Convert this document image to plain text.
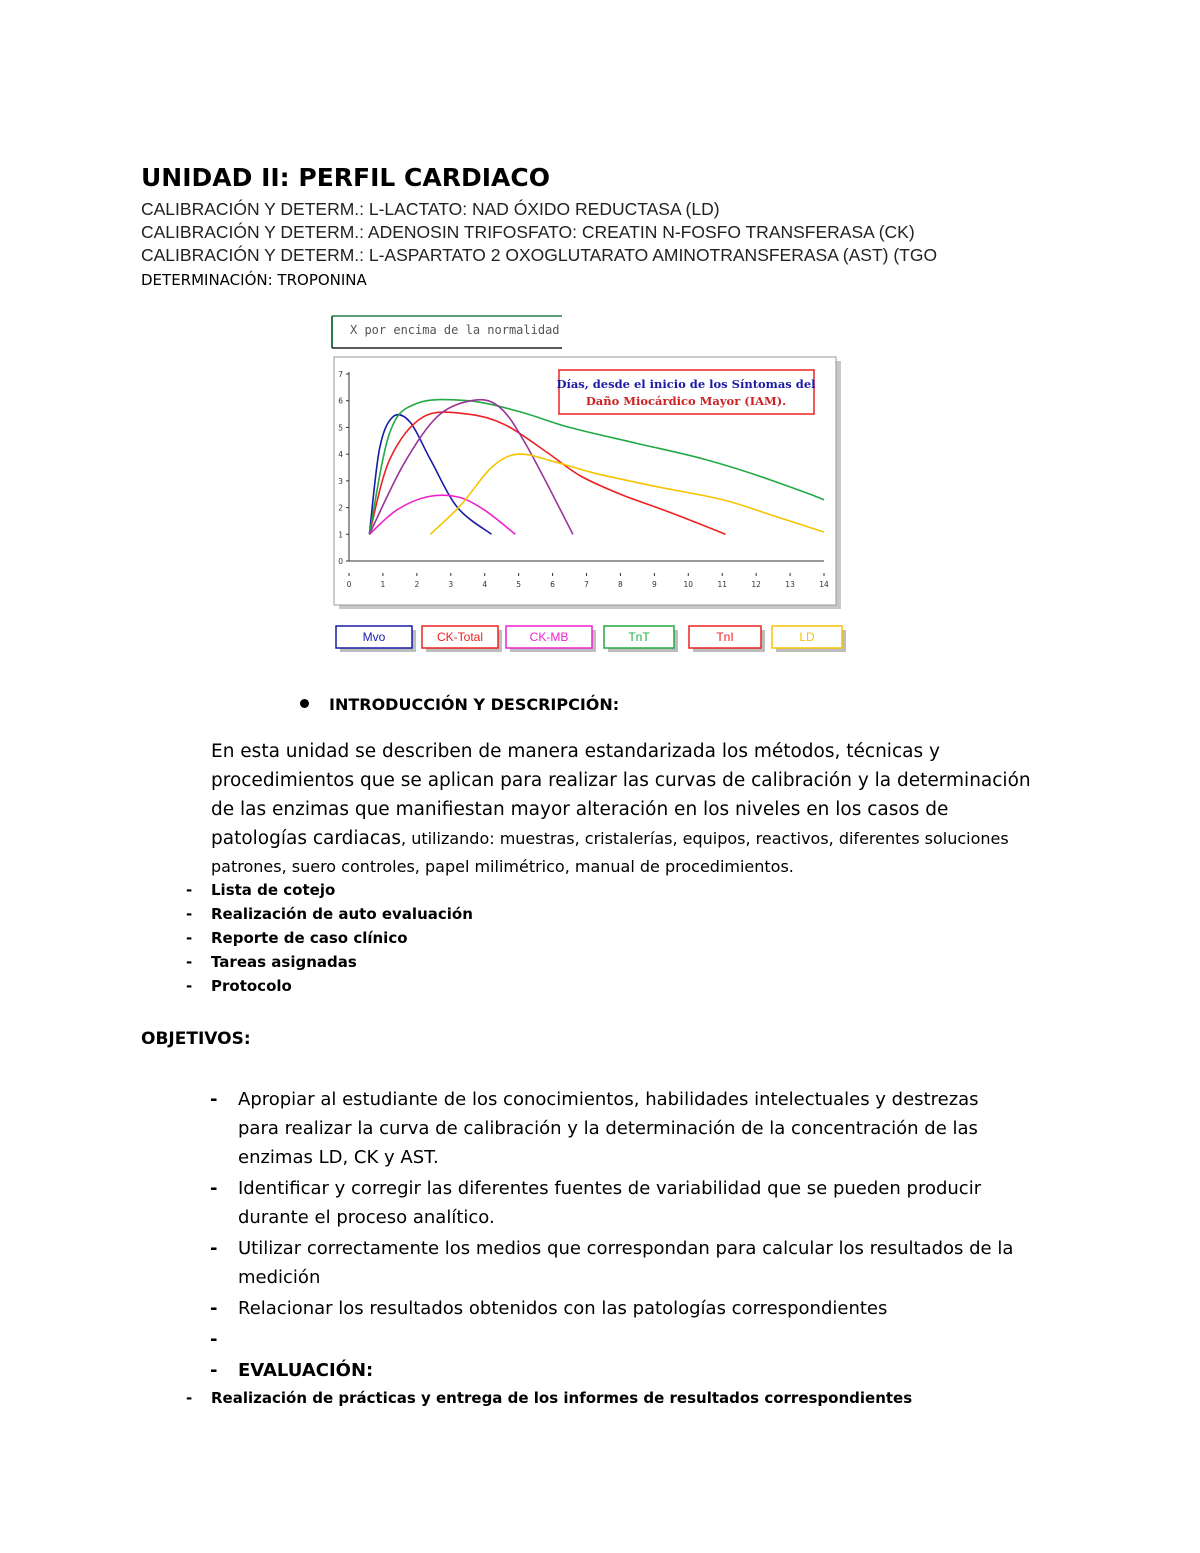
UNIDAD II: PERFIL CARDIACO
CALIBRACIÓN Y DETERM.: L-LACTATO: NAD ÓXIDO REDUCTASA (LD)
CALIBRACIÓN Y DETERM.: ADENOSIN TRIFOSFATO: CREATIN N-FOSFO TRANSFERASA (CK)
CALIBRACIÓN Y DETERM.: L-ASPARTATO 2 OXOGLUTARATO AMINOTRANSFERASA (AST) (TGO
DETERMINACIÓN: TROPONINA
X por encima de la normalidad
0
1
2
3
4
5
6
7
0	1	2	3	4	5	6	7	8	9	10	11	12	13	14
Días, desde el inicio de los Síntomas del
Daño Miocárdico Mayor (IAM).
Mvo	CK-Total	CK-MB	TnT	TnI	LD
INTRODUCCIÓN Y DESCRIPCIÓN:
En esta unidad se describen de manera estandarizada los métodos, técnicas y
procedimientos que se aplican para realizar las curvas de calibración y la determinación
de las enzimas que manifiestan mayor alteración en los niveles en los casos de
patologías cardiacas, utilizando: muestras, cristalerías, equipos, reactivos, diferentes soluciones
patrones, suero controles, papel milimétrico, manual de procedimientos.
- Lista de cotejo
- Realización de auto evaluación
- Reporte de caso clínico
- Tareas asignadas
- Protocolo
OBJETIVOS:
- Apropiar al estudiante de los conocimientos, habilidades intelectuales y destrezas
para realizar la curva de calibración y la determinación de la concentración de las
enzimas LD, CK y AST.
- Identificar y corregir las diferentes fuentes de variabilidad que se pueden producir
durante el proceso analítico.
- Utilizar correctamente los medios que correspondan para calcular los resultados de la
medición
- Relacionar los resultados obtenidos con las patologías correspondientes
-

- EVALUACIÓN:
- Realización de prácticas y entrega de los informes de resultados correspondientes
